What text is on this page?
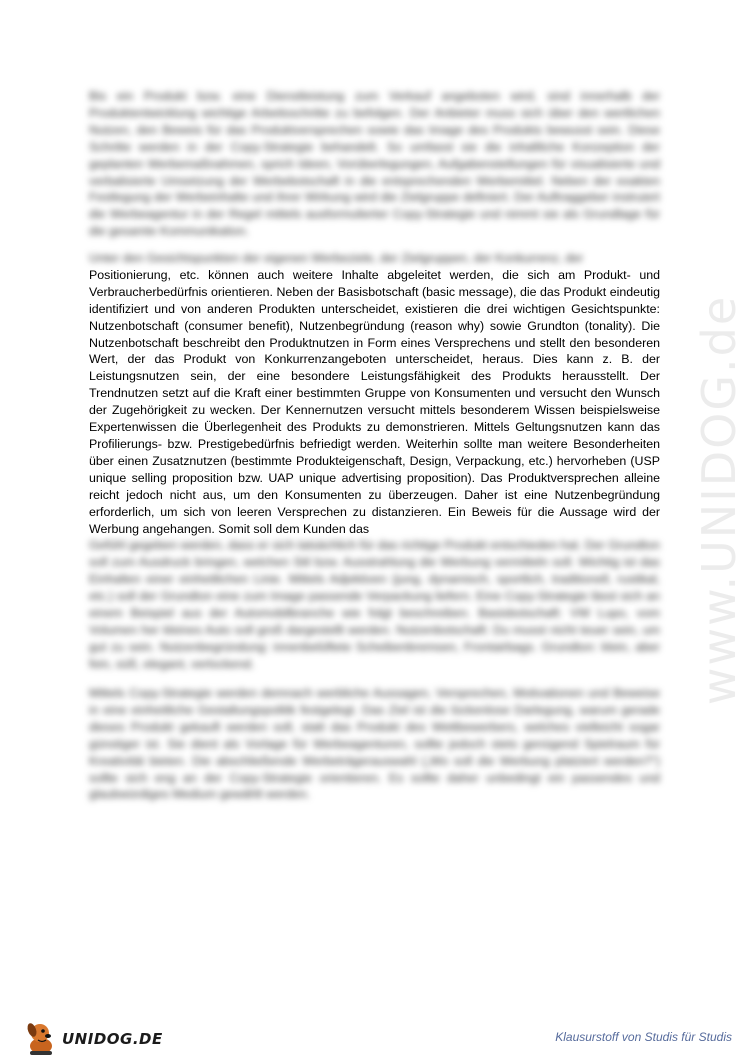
Bis ein Produkt bzw. eine Dienstleistung zum Verkauf angeboten wird, sind innerhalb der Produktentwicklung wichtige Arbeitsschritte zu befolgen. Der Anbieter muss sich über den wertlichen Nutzen, den Beweis für das Produktversprechen sowie das Image des Produkts bewusst sein. Diese Schritte werden in der Copy-Strategie behandelt. So umfasst sie die inhaltliche Konzeption der geplanten Werbemaßnahmen, sprich Ideen, Vorüberlegungen, Aufgabenstellungen für visualisierte und verbalisierte Umsetzung der Werbebotschaft in die entsprechenden Werbemittel. Neben der exakten Festlegung der Werbeinhalte und ihrer Wirkung wird die Zielgruppe definiert. Der Auftraggeber instruiert die Werbeagentur in der Regel mittels ausformulierter Copy-Strategie und nimmt sie als Grundlage für die gesamte Kommunikation.

Unter den Gesichtspunkten der eigenen Werbeziele, der Zielgruppen, der Konkurrenz, der
Positionierung, etc. können auch weitere Inhalte abgeleitet werden, die sich am Produkt- und Verbraucherbedürfnis orientieren. Neben der Basisbotschaft (basic message), die das Produkt eindeutig identifiziert und von anderen Produkten unterscheidet, existieren die drei wichtigen Gesichtspunkte: Nutzenbotschaft (consumer benefit), Nutzenbegründung (reason why) sowie Grundton (tonality). Die Nutzenbotschaft beschreibt den Produktnutzen in Form eines Versprechens und stellt den besonderen Wert, der das Produkt von Konkurrenzangeboten unterscheidet, heraus. Dies kann z. B. der Leistungsnutzen sein, der eine besondere Leistungsfähigkeit des Produkts herausstellt. Der Trendnutzen setzt auf die Kraft einer bestimmten Gruppe von Konsumenten und versucht den Wunsch der Zugehörigkeit zu wecken. Der Kennernutzen versucht mittels besonderem Wissen beispielsweise Expertenwissen die Überlegenheit des Produkts zu demonstrieren. Mittels Geltungsnutzen kann das Profilierungs- bzw. Prestigebedürfnis befriedigt werden. Weiterhin sollte man weitere Besonderheiten über einen Zusatznutzen (bestimmte Produkteigenschaft, Design, Verpackung, etc.) hervorheben (USP unique selling proposition bzw. UAP unique advertising proposition). Das Produktversprechen alleine reicht jedoch nicht aus, um den Konsumenten zu überzeugen. Daher ist eine Nutzenbegründung erforderlich, um sich von leeren Versprechen zu distanzieren. Ein Beweis für die Aussage wird der Werbung angehangen. Somit soll dem Kunden das
Gefühl gegeben werden, dass er sich tatsächlich für das richtige Produkt entschieden hat. Der Grundton soll zum Ausdruck bringen, welchen Stil bzw. Ausstrahlung die Werbung vermitteln soll. Wichtig ist das Einhalten einer einheitlichen Linie. Mittels Adjektiven (jung, dynamisch, sportlich, traditionell, rustikal, etc.) soll der Grundton eine zum Image passende Verpackung liefern. Eine Copy-Strategie lässt sich an einem Beispiel aus der Automobilbranche wie folgt beschreiben. Basisbotschaft: VW Lupo, vom Volumen her kleines Auto soll groß dargestellt werden. Nutzenbotschaft: Du musst nicht teuer sein, um gut zu sein. Nutzenbegründung: innenbelüftete Scheibenbremsen, Frontairbags. Grundton: klein, aber fein, süß, elegant, verlockend.

Mittels Copy-Strategie werden demnach werbliche Aussagen, Versprechen, Motivationen und Beweise in eine einheitliche Gestaltungspolitik festgelegt. Das Ziel ist die lückenlose Darlegung, warum gerade dieses Produkt gekauft werden soll, statt das Produkt des Wettbewerbers, welches vielleicht sogar günstiger ist. Sie dient als Vorlage für Werbeagenturen, sollte jedoch stets genügend Spielraum für Kreativität bieten. Die abschließende Werbeträgerauswahl („Wo soll die Werbung platziert werden?") sollte sich eng an der Copy-Strategie orientieren. Es sollte daher unbedingt ein passendes und glaubwürdiges Medium gewählt werden.

www.UNIDOG.de
UNIDOG.DE	Klausurstoff von Studis für Studis
